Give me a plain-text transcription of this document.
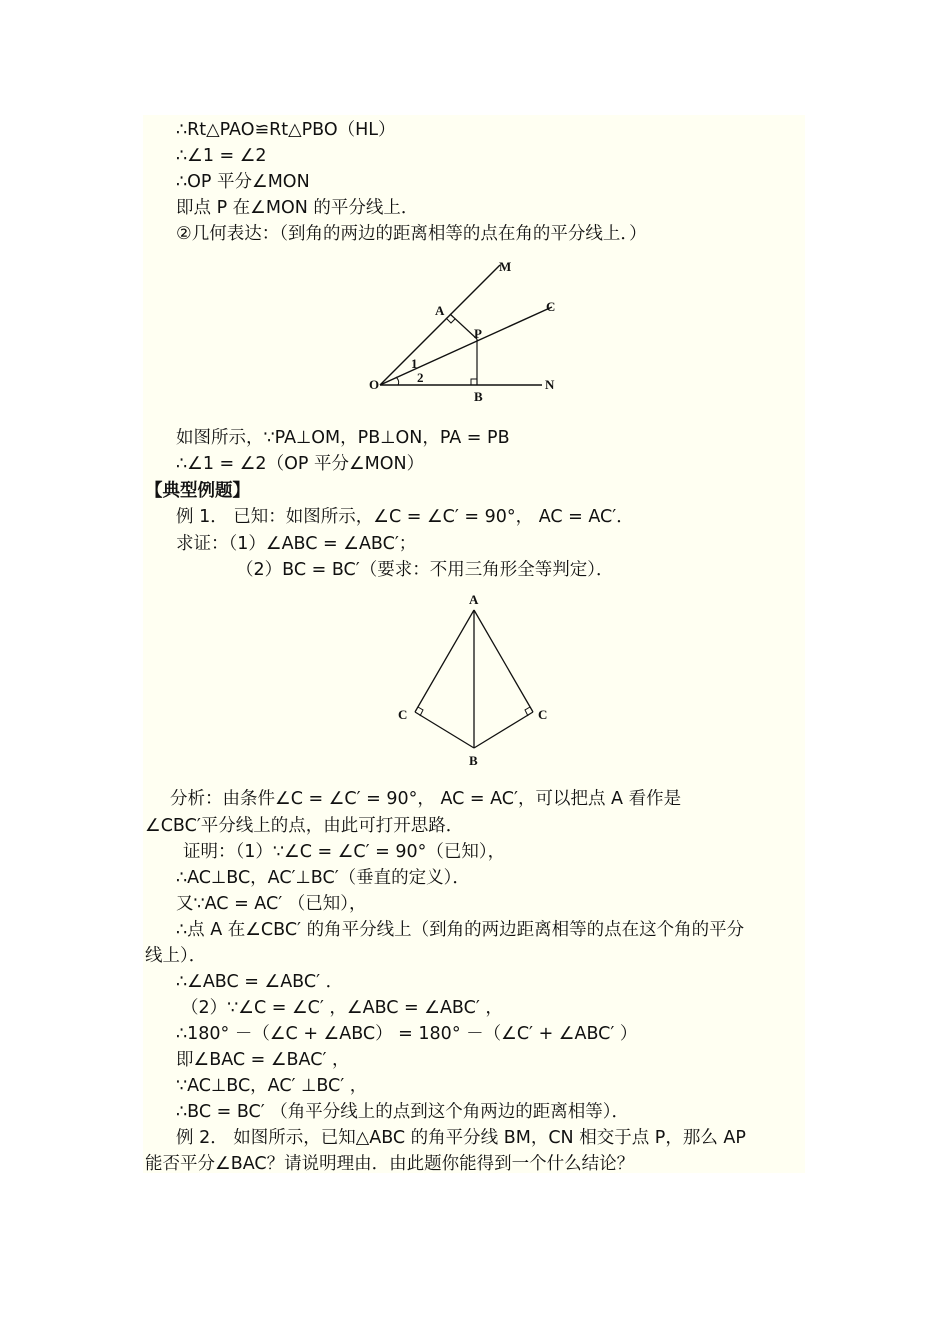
∴Rt△PAO≌Rt△PBO（HL）
∴∠1 = ∠2
∴OP 平分∠MON
即点 P 在∠MON 的平分线上．
②几何表达：（到角的两边的距离相等的点在角的平分线上．）
M
C
A
P
1
2
O	N
B
如图所示，∵PA⊥OM，PB⊥ON，PA = PB
∴∠1 = ∠2（OP 平分∠MON）
【典型例题】
例 1． 已知：如图所示，∠C = ∠C′ = 90°， AC = AC′．
求证：（1）∠ABC = ∠ABC′；
（2）BC = BC′（要求：不用三角形全等判定）．
A
C	C
B
分析：由条件∠C = ∠C′ = 90°， AC = AC′，可以把点 A 看作是
∠CBC′平分线上的点，由此可打开思路．
证明：（1）∵∠C = ∠C′ = 90°（已知），
∴AC⊥BC，AC′⊥BC′（垂直的定义）．
又∵AC = AC′ （已知），
∴点 A 在∠CBC′ 的角平分线上（到角的两边距离相等的点在这个角的平分
线上）．
∴∠ABC = ∠ABC′ ．
（2）∵∠C = ∠C′ ，∠ABC = ∠ABC′ ，
∴180° －（∠C + ∠ABC） = 180° －（∠C′ + ∠ABC′ ）
即∠BAC = ∠BAC′ ，
∵AC⊥BC，AC′ ⊥BC′ ，
∴BC = BC′ （角平分线上的点到这个角两边的距离相等）．
例 2． 如图所示，已知△ABC 的角平分线 BM，CN 相交于点 P，那么 AP
能否平分∠BAC？请说明理由．由此题你能得到一个什么结论？
